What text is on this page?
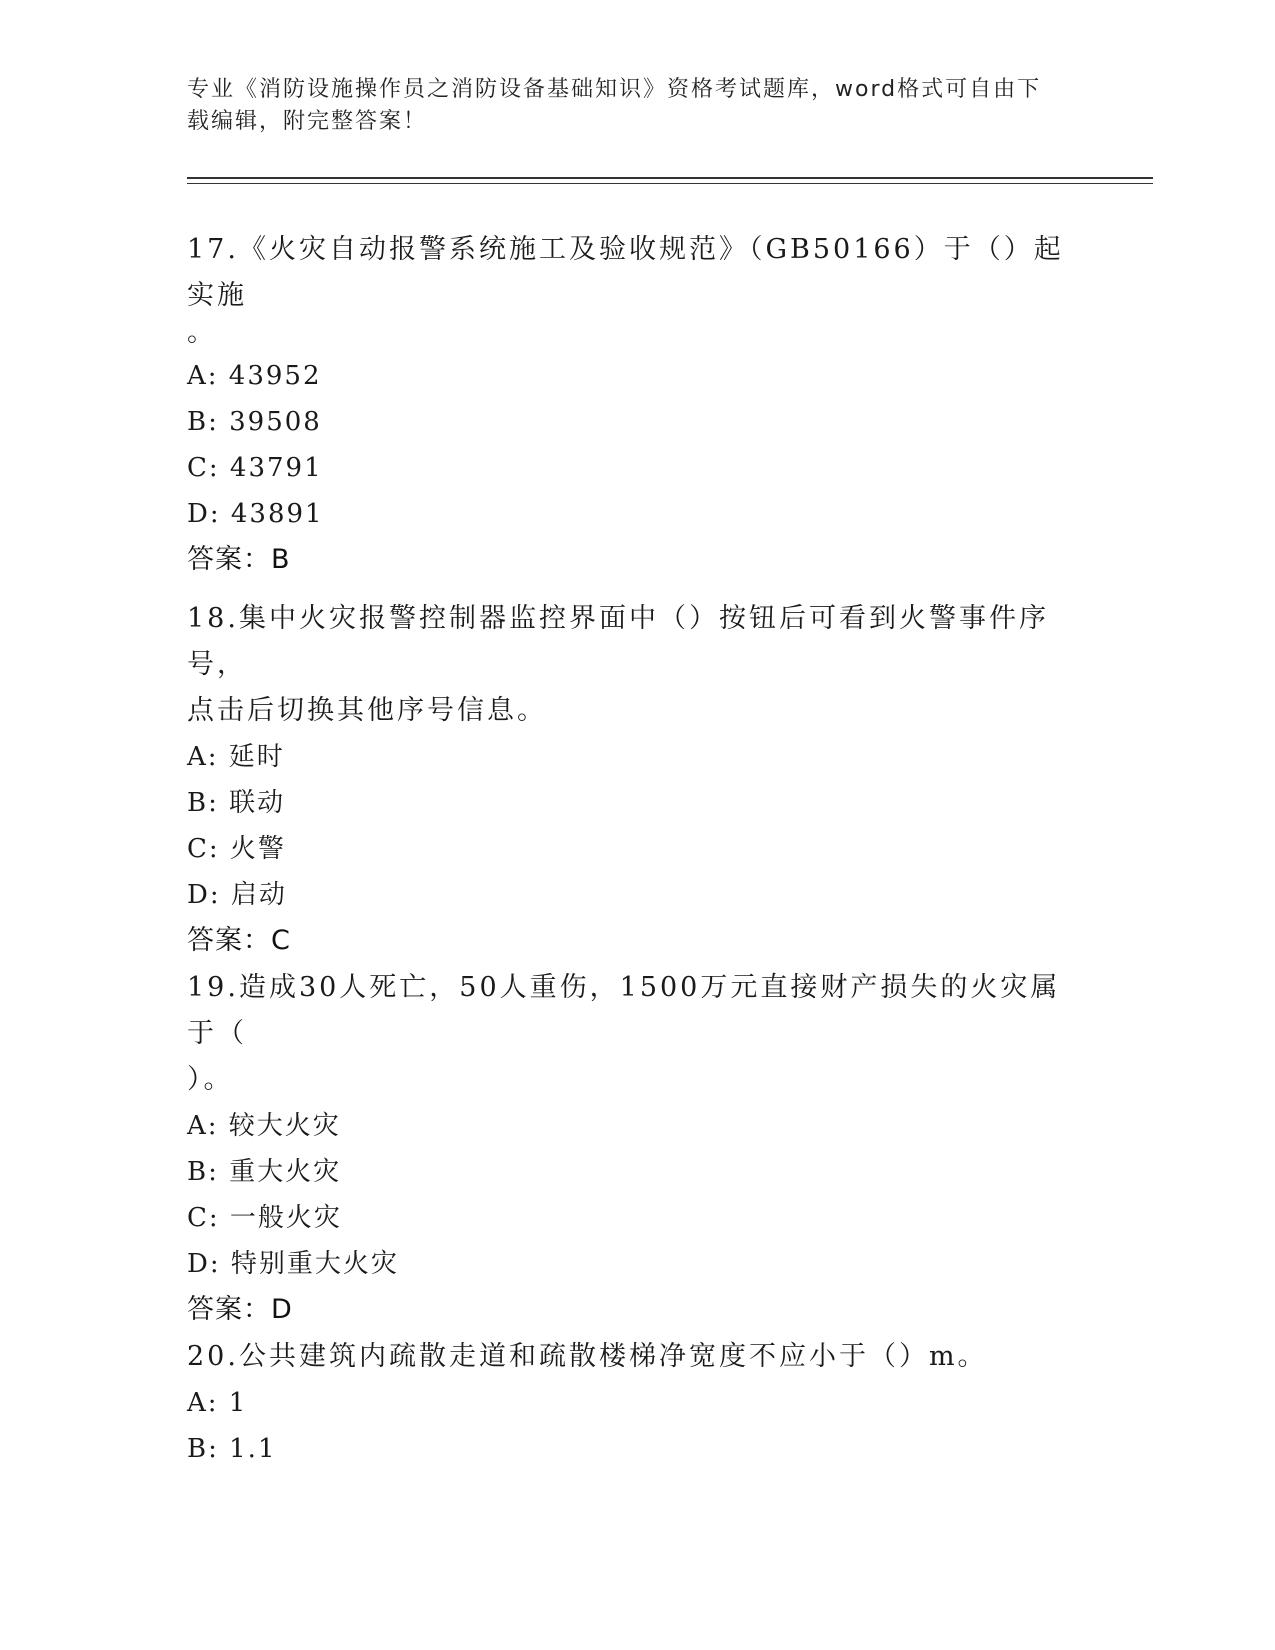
专业《消防设施操作员之消防设备基础知识》资格考试题库，word格式可自由下
载编辑，附完整答案！

17.《火灾自动报警系统施工及验收规范》（GB50166）于（）起实施

。

A: 43952

B: 39508

C: 43791

D: 43891

答案：B

18.集中火灾报警控制器监控界面中（）按钮后可看到火警事件序号，

点击后切换其他序号信息。

A: 延时

B: 联动

C: 火警

D: 启动

答案：C

19.造成30人死亡，50人重伤，1500万元直接财产损失的火灾属于（

）。

A: 较大火灾

B: 重大火灾

C: 一般火灾

D: 特别重大火灾

答案：D

20.公共建筑内疏散走道和疏散楼梯净宽度不应小于（）m。

A: 1

B: 1.1
